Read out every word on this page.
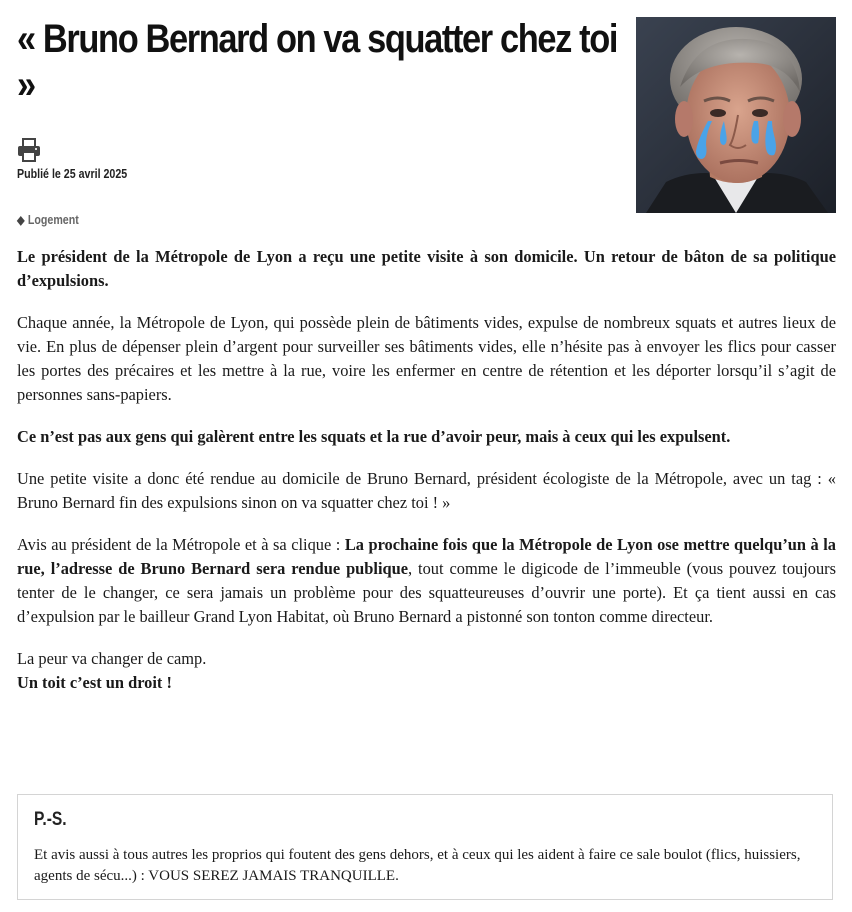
« Bruno Bernard on va squatter chez toi »
Publié le 25 avril 2025
◆ Logement

Le président de la Métropole de Lyon a reçu une petite visite à son domicile. Un retour de bâton de sa politique d’expulsions.

Chaque année, la Métropole de Lyon, qui possède plein de bâtiments vides, expulse de nombreux squats et autres lieux de vie. En plus de dépenser plein d’argent pour surveiller ses bâtiments vides, elle n’hésite pas à envoyer les flics pour casser les portes des précaires et les mettre à la rue, voire les enfermer en centre de rétention et les déporter lorsqu’il s’agit de personnes sans-papiers.

Ce n’est pas aux gens qui galèrent entre les squats et la rue d’avoir peur, mais à ceux qui les expulsent.

Une petite visite a donc été rendue au domicile de Bruno Bernard, président écologiste de la Métropole, avec un tag : « Bruno Bernard fin des expulsions sinon on va squatter chez toi ! »

Avis au président de la Métropole et à sa clique : La prochaine fois que la Métropole de Lyon ose mettre quelqu’un à la rue, l’adresse de Bruno Bernard sera rendue publique, tout comme le digicode de l’immeuble (vous pouvez toujours tenter de le changer, ce sera jamais un problème pour des squatteureuses d’ouvrir une porte). Et ça tient aussi en cas d’expulsion par le bailleur Grand Lyon Habitat, où Bruno Bernard a pistonné son tonton comme directeur.

La peur va changer de camp.
Un toit c’est un droit !

P.-S.
Et avis aussi à tous autres les proprios qui foutent des gens dehors, et à ceux qui les aident à faire ce sale boulot (flics, huissiers, agents de sécu...) : VOUS SEREZ JAMAIS TRANQUILLE.
